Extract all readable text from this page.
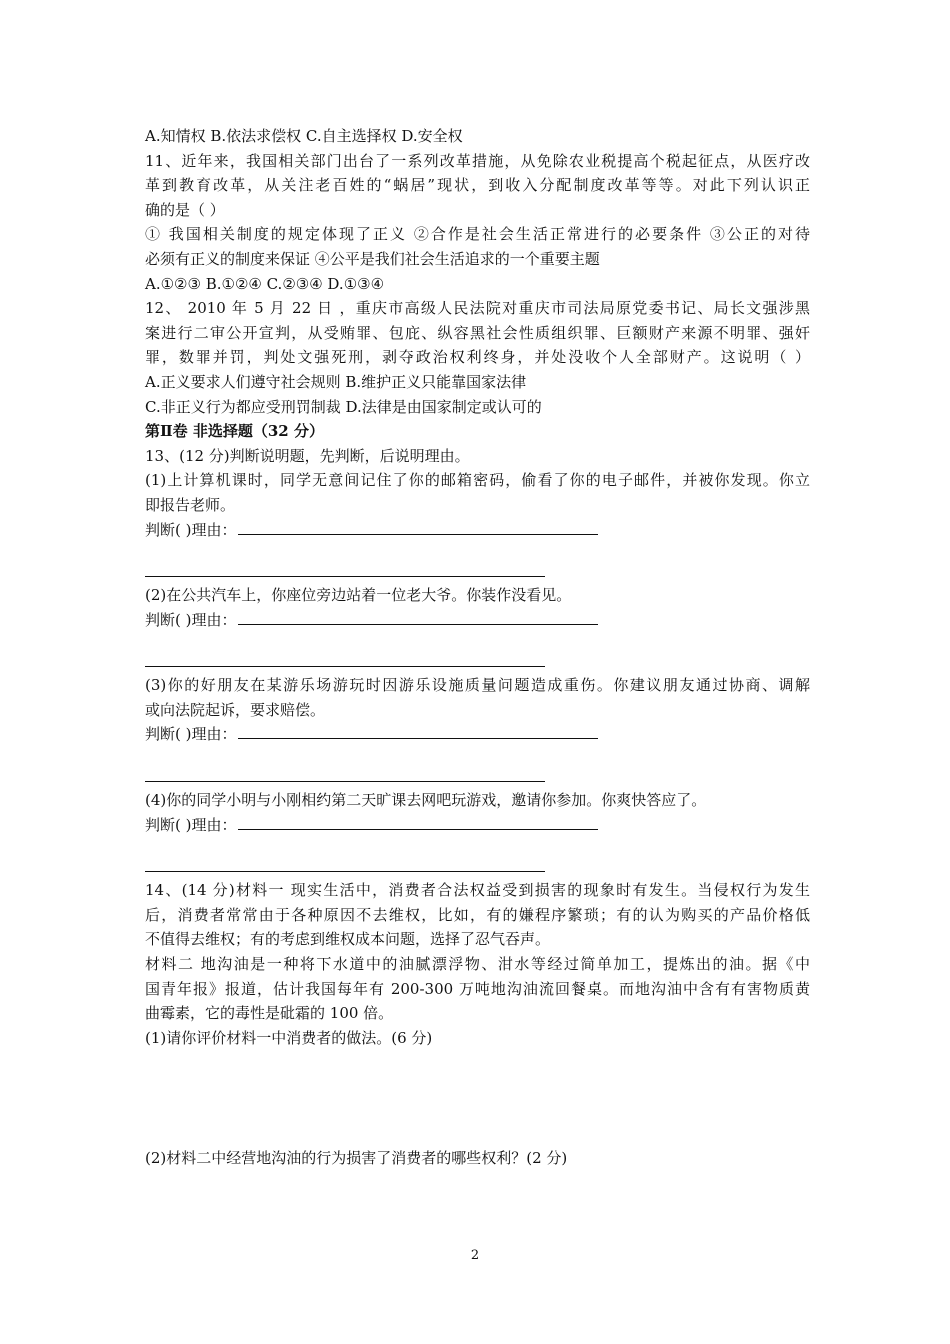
A.知情权 B.依法求偿权 C.自主选择权 D.安全权
11、近年来，我国相关部门出台了一系列改革措施，从免除农业税提高个税起征点，从医疗改
革到教育改革，从关注老百姓的“蜗居”现状，到收入分配制度改革等等。对此下列认识正
确的是（ ）
① 我国相关制度的规定体现了正义 ②合作是社会生活正常进行的必要条件 ③公正的对待
必须有正义的制度来保证 ④公平是我们社会生活追求的一个重要主题
A.①②③ B.①②④ C.②③④ D.①③④
12、 2010 年 5 月 22 日 ，重庆市高级人民法院对重庆市司法局原党委书记、局长文强涉黑
案进行二审公开宣判，从受贿罪、包庇、纵容黑社会性质组织罪、巨额财产来源不明罪、强奸
罪，数罪并罚，判处文强死刑，剥夺政治权利终身，并处没收个人全部财产。这说明（ ）
A.正义要求人们遵守社会规则 B.维护正义只能靠国家法律
C.非正义行为都应受刑罚制裁 D.法律是由国家制定或认可的
第Ⅱ卷 非选择题（32 分）
13、(12 分)判断说明题，先判断，后说明理由。
(1)上计算机课时，同学无意间记住了你的邮箱密码，偷看了你的电子邮件，并被你发现。你立
即报告老师。
判断( )理由：
(2)在公共汽车上，你座位旁边站着一位老大爷。你装作没看见。
判断( )理由：
(3)你的好朋友在某游乐场游玩时因游乐设施质量问题造成重伤。你建议朋友通过协商、调解
或向法院起诉，要求赔偿。
判断( )理由：
(4)你的同学小明与小刚相约第二天旷课去网吧玩游戏，邀请你参加。你爽快答应了。
判断( )理由：
14、(14 分)材料一 现实生活中，消费者合法权益受到损害的现象时有发生。当侵权行为发生
后，消费者常常由于各种原因不去维权，比如，有的嫌程序繁琐；有的认为购买的产品价格低
不值得去维权；有的考虑到维权成本问题，选择了忍气吞声。
材料二 地沟油是一种将下水道中的油腻漂浮物、泔水等经过简单加工，提炼出的油。据《中
国青年报》报道，估计我国每年有 200-300 万吨地沟油流回餐桌。而地沟油中含有有害物质黄
曲霉素，它的毒性是砒霜的 100 倍。
(1)请你评价材料一中消费者的做法。(6 分)
(2)材料二中经营地沟油的行为损害了消费者的哪些权利？(2 分)
2
